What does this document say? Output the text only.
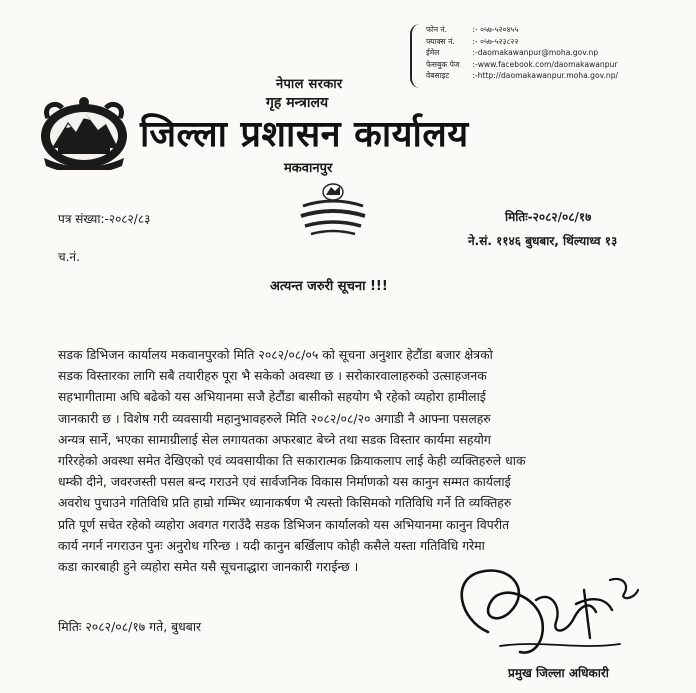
फोन नं.	:- ०५७-५२०४५५
फ्याक्स नं. :- ०५७-५२३८२२
ईमेल	:-daomakawanpur@moha.gov.np
फेसबुक पेज :-www.facebook.com/daomakawanpur
वेबसाइट	:-http://daomakawanpur.moha.gov.np/
नेपाल सरकार
गृह मन्त्रालय
जिल्ला प्रशासन कार्यालय
मकवानपुर
पत्र संख्या:-२०८२/८३
च.नं.
मितिः-२०८२/०८/१७
ने.सं. ११४६ बुधबार, थिंल्याध्व १३
अत्यन्त जरुरी सूचना !!!
सडक डिभिजन कार्यालय मकवानपुरको मिति २०८२/०८/०५ को सूचना अनुशार हेटौंडा बजार क्षेत्रको
सडक विस्तारका लागि सबै तयारीहरु पूरा भै सकेको अवस्था छ । सरोकारवालाहरुको उत्साहजनक
सहभागीतामा अघि बढेको यस अभियानमा सजै हेटौंडा बासीको सहयोग भै रहेको व्यहोरा हामीलाई
जानकारी छ । विशेष गरी व्यवसायी महानुभावहरुले मिति २०८२/०८/२० अगाडी नै आफ्ना पसलहरु
अन्यत्र सार्ने, भएका सामाग्रीलाई सेल लगायतका अफरबाट बेच्ने तथा सडक विस्तार कार्यमा सहयोग
गरिरहेको अवस्था समेत देखिएको एवं व्यवसायीका ति सकारात्मक क्रियाकलाप लाई केही व्यक्तिहरुले धाक
धम्की दीने, जवरजस्ती पसल बन्द गराउने एवं सार्वजनिक विकास निर्माणको यस कानुन सम्मत कार्यलाई
अवरोध पुचाउने गतिविधि प्रति हाम्रो गम्भिर ध्यानाकर्षण भै त्यस्तो किसिमको गतिविधि गर्ने ति व्यक्तिहरु
प्रति पूर्ण सचेत रहेको व्यहोरा अवगत गराउँदै सडक डिभिजन कार्यालको यस अभियानमा कानुन विपरीत
कार्य नगर्न नगराउन पुनः अनुरोध गरिन्छ । यदी कानुन बर्खिलाप कोही कसैले यस्ता गतिविधि गरेमा
कडा कारबाही हुने व्यहोरा समेत यसै सूचनाद्धारा जानकारी गराईन्छ ।
मितिः २०८२/०८/१७ गते, बुधबार
प्रमुख जिल्ला अधिकारी
